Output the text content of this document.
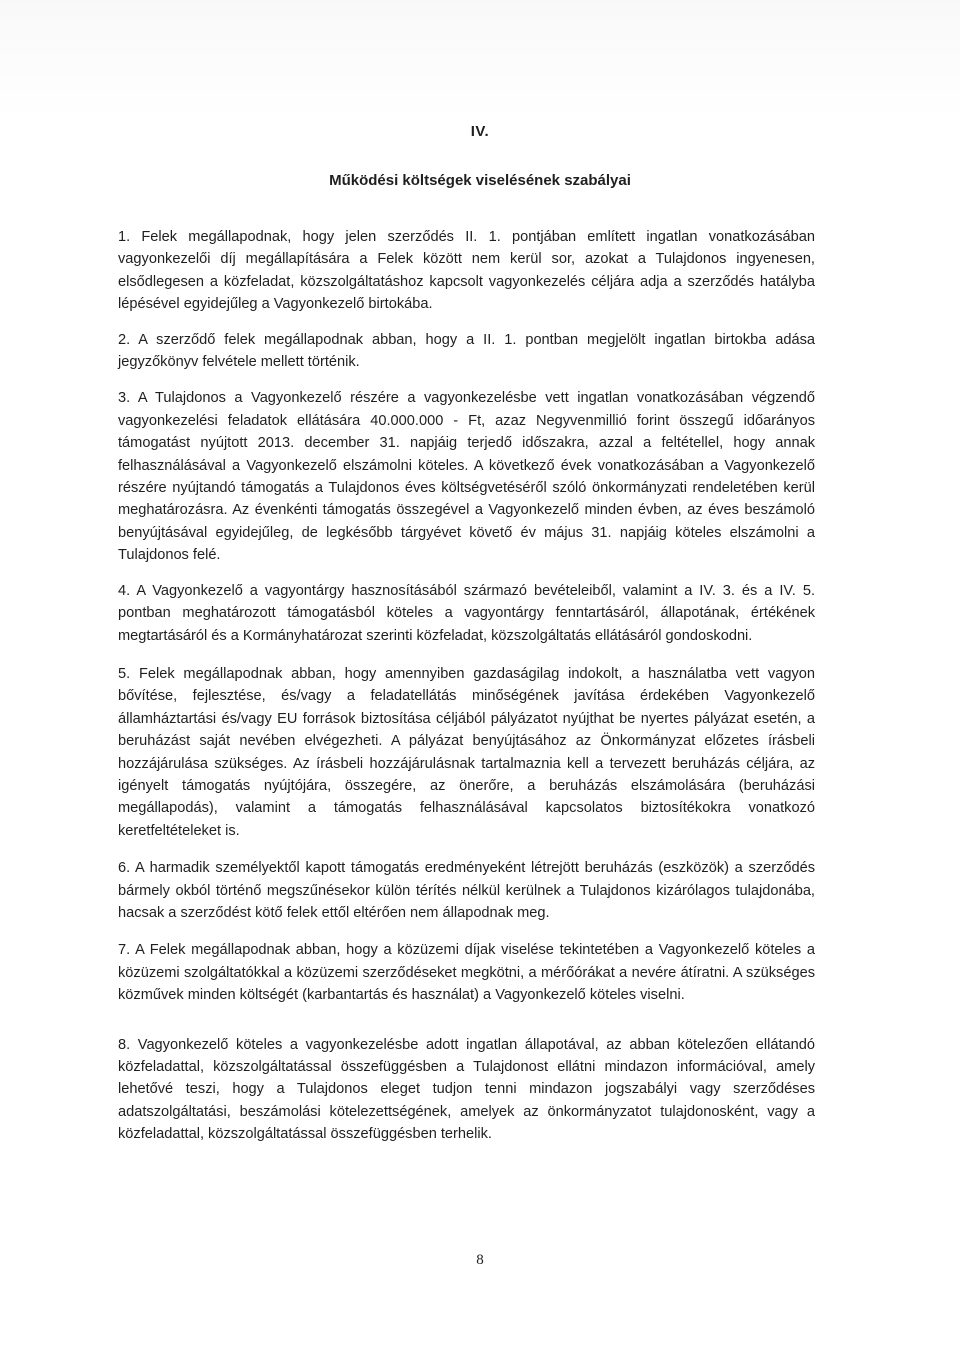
IV.
Működési költségek viselésének szabályai

1. Felek megállapodnak, hogy jelen szerződés II. 1. pontjában említett ingatlan vonatkozásában vagyonkezelői díj megállapítására a Felek között nem kerül sor, azokat a Tulajdonos ingyenesen, elsődlegesen a közfeladat, közszolgáltatáshoz kapcsolt vagyonkezelés céljára adja a szerződés hatályba lépésével egyidejűleg a Vagyonkezelő birtokába.

2. A szerződő felek megállapodnak abban, hogy a II. 1. pontban megjelölt ingatlan birtokba adása jegyzőkönyv felvétele mellett történik.

3. A Tulajdonos a Vagyonkezelő részére a vagyonkezelésbe vett ingatlan vonatkozásában végzendő vagyonkezelési feladatok ellátására 40.000.000 - Ft, azaz Negyvenmillió forint összegű időarányos támogatást nyújtott 2013. december 31. napjáig terjedő időszakra, azzal a feltétellel, hogy annak felhasználásával a Vagyonkezelő elszámolni köteles. A következő évek vonatkozásában a Vagyonkezelő részére nyújtandó támogatás a Tulajdonos éves költségvetéséről szóló önkormányzati rendeletében kerül meghatározásra. Az évenkénti támogatás összegével a Vagyonkezelő minden évben, az éves beszámoló benyújtásával egyidejűleg, de legkésőbb tárgyévet követő év május 31. napjáig köteles elszámolni a Tulajdonos felé.

4. A Vagyonkezelő a vagyontárgy hasznosításából származó bevételeiből, valamint a IV. 3. és a IV. 5. pontban meghatározott támogatásból köteles a vagyontárgy fenntartásáról, állapotának, értékének megtartásáról és a Kormányhatározat szerinti közfeladat, közszolgáltatás ellátásáról gondoskodni.

5. Felek megállapodnak abban, hogy amennyiben gazdaságilag indokolt, a használatba vett vagyon bővítése, fejlesztése, és/vagy a feladatellátás minőségének javítása érdekében Vagyonkezelő államháztartási és/vagy EU források biztosítása céljából pályázatot nyújthat be nyertes pályázat esetén, a beruházást saját nevében elvégezheti. A pályázat benyújtásához az Önkormányzat előzetes írásbeli hozzájárulása szükséges. Az írásbeli hozzájárulásnak tartalmaznia kell a tervezett beruházás céljára, az igényelt támogatás nyújtójára, összegére, az önerőre, a beruházás elszámolására (beruházási megállapodás), valamint a támogatás felhasználásával kapcsolatos biztosítékokra vonatkozó keretfeltételeket is.

6. A harmadik személyektől kapott támogatás eredményeként létrejött beruházás (eszközök) a szerződés bármely okból történő megszűnésekor külön térítés nélkül kerülnek a Tulajdonos kizárólagos tulajdonába, hacsak a szerződést kötő felek ettől eltérően nem állapodnak meg.

7. A Felek megállapodnak abban, hogy a közüzemi díjak viselése tekintetében a Vagyonkezelő köteles a közüzemi szolgáltatókkal a közüzemi szerződéseket megkötni, a mérőórákat a nevére átíratni. A szükséges közművek minden költségét (karbantartás és használat) a Vagyonkezelő köteles viselni.

8. Vagyonkezelő köteles a vagyonkezelésbe adott ingatlan állapotával, az abban kötelezően ellátandó közfeladattal, közszolgáltatással összefüggésben a Tulajdonost ellátni mindazon információval, amely lehetővé teszi, hogy a Tulajdonos eleget tudjon tenni mindazon jogszabályi vagy szerződéses adatszolgáltatási, beszámolási kötelezettségének, amelyek az önkormányzatot tulajdonosként, vagy a közfeladattal, közszolgáltatással összefüggésben terhelik.

8
